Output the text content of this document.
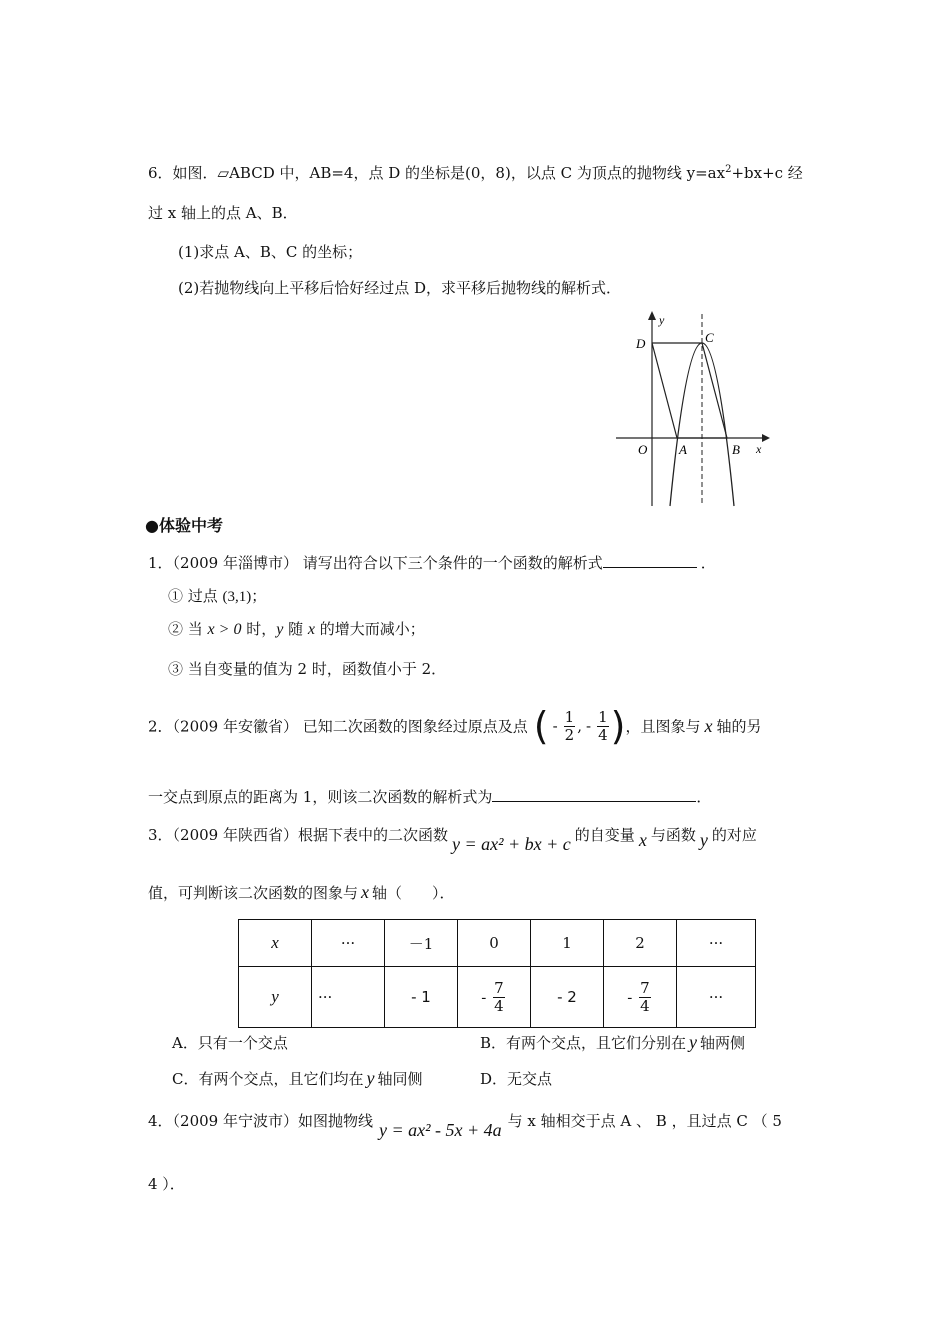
6．如图．▱ABCD 中，AB=4，点 D 的坐标是(0，8)，以点 C 为顶点的抛物线 $y=ax^2+bx+c$ 经
过 x 轴上的点 A、B．
(1)求点 A、B、C 的坐标；
(2)若抛物线向上平移后恰好经过点 D，求平移后抛物线的解析式．
y
x
D	C
O A	B
●体验中考
1．（2009 年淄博市） 请写出符合以下三个条件的一个函数的解析式	．
① 过点 (3,1)；
② 当 x > 0 时，y 随 x 的增大而减小；
③ 当自变量的值为 2 时，函数值小于 2．
2．（2009 年安徽省） 已知二次函数的图象经过原点及点 ( - $\frac{1}{2}$ , - $\frac{1}{4}$ )，且图象与 x 轴的另
一交点到原点的距离为 1，则该二次函数的解析式为	．
3．（2009 年陕西省）根据下表中的二次函数 y = ax² + bx + c 的自变量 x 与函数 y 的对应
值，可判断该二次函数的图象与 x 轴（　　）．
x	···	－1	0	1	2	···
y	···	- 1	- $\frac{7}{4}$	- 2	- $\frac{7}{4}$	···
A．只有一个交点	B．有两个交点，且它们分别在 y 轴两侧
C．有两个交点，且它们均在 y 轴同侧	D．无交点
4．（2009 年宁波市）如图抛物线 y = ax² - 5x + 4a 与 x 轴相交于点 A 、 B ，且过点 C （ 5
4 ）．
